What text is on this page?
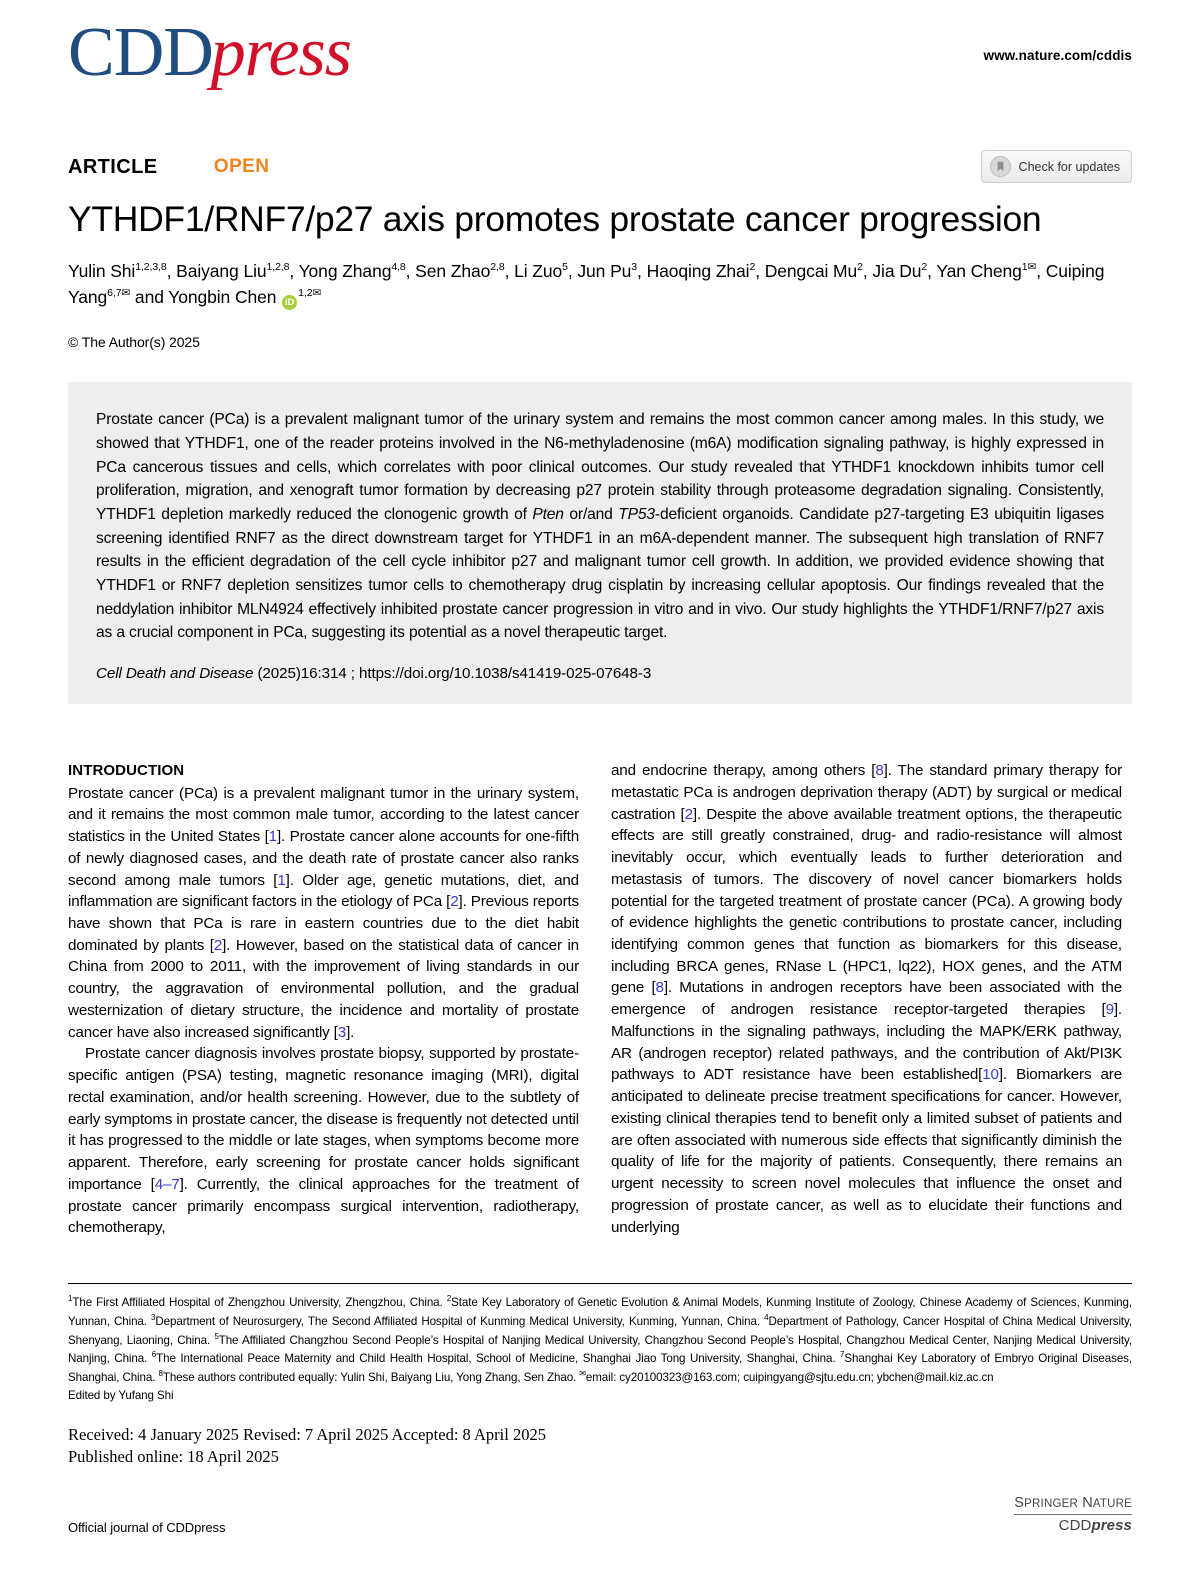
CDDpress	www.nature.com/cddis
ARTICLE	OPEN	Check for updates
YTHDF1/RNF7/p27 axis promotes prostate cancer progression
Yulin Shi$^{1,2,3,8}$, Baiyang Liu$^{1,2,8}$, Yong Zhang$^{4,8}$, Sen Zhao$^{2,8}$, Li Zuo$^5$, Jun Pu$^3$, Haoqing Zhai$^2$, Dengcai Mu$^2$, Jia Du$^2$, Yan Cheng$^{1✉}$, Cuiping Yang$^{6,7✉}$ and Yongbin Chen $iD^{1,2✉}$
© The Author(s) 2025

Prostate cancer (PCa) is a prevalent malignant tumor of the urinary system and remains the most common cancer among males. In this study, we showed that YTHDF1, one of the reader proteins involved in the N6-methyladenosine (m6A) modification signaling pathway, is highly expressed in PCa cancerous tissues and cells, which correlates with poor clinical outcomes. Our study revealed that YTHDF1 knockdown inhibits tumor cell proliferation, migration, and xenograft tumor formation by decreasing p27 protein stability through proteasome degradation signaling. Consistently, YTHDF1 depletion markedly reduced the clonogenic growth of Pten or/and TP53-deficient organoids. Candidate p27-targeting E3 ubiquitin ligases screening identified RNF7 as the direct downstream target for YTHDF1 in an m6A-dependent manner. The subsequent high translation of RNF7 results in the efficient degradation of the cell cycle inhibitor p27 and malignant tumor cell growth. In addition, we provided evidence showing that YTHDF1 or RNF7 depletion sensitizes tumor cells to chemotherapy drug cisplatin by increasing cellular apoptosis. Our findings revealed that the neddylation inhibitor MLN4924 effectively inhibited prostate cancer progression in vitro and in vivo. Our study highlights the YTHDF1/RNF7/p27 axis as a crucial component in PCa, suggesting its potential as a novel therapeutic target.

Cell Death and Disease (2025)16:314 ; https://doi.org/10.1038/s41419-025-07648-3
INTRODUCTION

Prostate cancer (PCa) is a prevalent malignant tumor in the urinary system, and it remains the most common male tumor, according to the latest cancer statistics in the United States [1]. Prostate cancer alone accounts for one-fifth of newly diagnosed cases, and the death rate of prostate cancer also ranks second among male tumors [1]. Older age, genetic mutations, diet, and inflammation are significant factors in the etiology of PCa [2]. Previous reports have shown that PCa is rare in eastern countries due to the diet habit dominated by plants [2]. However, based on the statistical data of cancer in China from 2000 to 2011, with the improvement of living standards in our country, the aggravation of environmental pollution, and the gradual westernization of dietary structure, the incidence and mortality of prostate cancer have also increased significantly [3].

Prostate cancer diagnosis involves prostate biopsy, supported by prostate-specific antigen (PSA) testing, magnetic resonance imaging (MRI), digital rectal examination, and/or health screening. However, due to the subtlety of early symptoms in prostate cancer, the disease is frequently not detected until it has progressed to the middle or late stages, when symptoms become more apparent. Therefore, early screening for prostate cancer holds significant importance [4–7]. Currently, the clinical approaches for the treatment of prostate cancer primarily encompass surgical intervention, radiotherapy, chemotherapy,

and endocrine therapy, among others [8]. The standard primary therapy for metastatic PCa is androgen deprivation therapy (ADT) by surgical or medical castration [2]. Despite the above available treatment options, the therapeutic effects are still greatly constrained, drug- and radio-resistance will almost inevitably occur, which eventually leads to further deterioration and metastasis of tumors. The discovery of novel cancer biomarkers holds potential for the targeted treatment of prostate cancer (PCa). A growing body of evidence highlights the genetic contributions to prostate cancer, including identifying common genes that function as biomarkers for this disease, including BRCA genes, RNase L (HPC1, lq22), HOX genes, and the ATM gene [8]. Mutations in androgen receptors have been associated with the emergence of androgen resistance receptor-targeted therapies [9]. Malfunctions in the signaling pathways, including the MAPK/ERK pathway, AR (androgen receptor) related pathways, and the contribution of Akt/PI3K pathways to ADT resistance have been established[10]. Biomarkers are anticipated to delineate precise treatment specifications for cancer. However, existing clinical therapies tend to benefit only a limited subset of patients and are often associated with numerous side effects that significantly diminish the quality of life for the majority of patients. Consequently, there remains an urgent necessity to screen novel molecules that influence the onset and progression of prostate cancer, as well as to elucidate their functions and underlying

$^1$The First Affiliated Hospital of Zhengzhou University, Zhengzhou, China. $^2$State Key Laboratory of Genetic Evolution & Animal Models, Kunming Institute of Zoology, Chinese Academy of Sciences, Kunming, Yunnan, China. $^3$Department of Neurosurgery, The Second Affiliated Hospital of Kunming Medical University, Kunming, Yunnan, China. $^4$Department of Pathology, Cancer Hospital of China Medical University, Shenyang, Liaoning, China. $^5$The Affiliated Changzhou Second People’s Hospital of Nanjing Medical University, Changzhou Second People’s Hospital, Changzhou Medical Center, Nanjing Medical University, Nanjing, China. $^6$The International Peace Maternity and Child Health Hospital, School of Medicine, Shanghai Jiao Tong University, Shanghai, China. $^7$Shanghai Key Laboratory of Embryo Original Diseases, Shanghai, China. $^8$These authors contributed equally: Yulin Shi, Baiyang Liu, Yong Zhang, Sen Zhao. ✉email: cy20100323@163.com; cuipingyang@sjtu.edu.cn; ybchen@mail.kiz.ac.cn

Edited by Yufang Shi
Received: 4 January 2025 Revised: 7 April 2025 Accepted: 8 April 2025
Published online: 18 April 2025
Official journal of CDDpress
SPRINGER NATURE
CDDpress
